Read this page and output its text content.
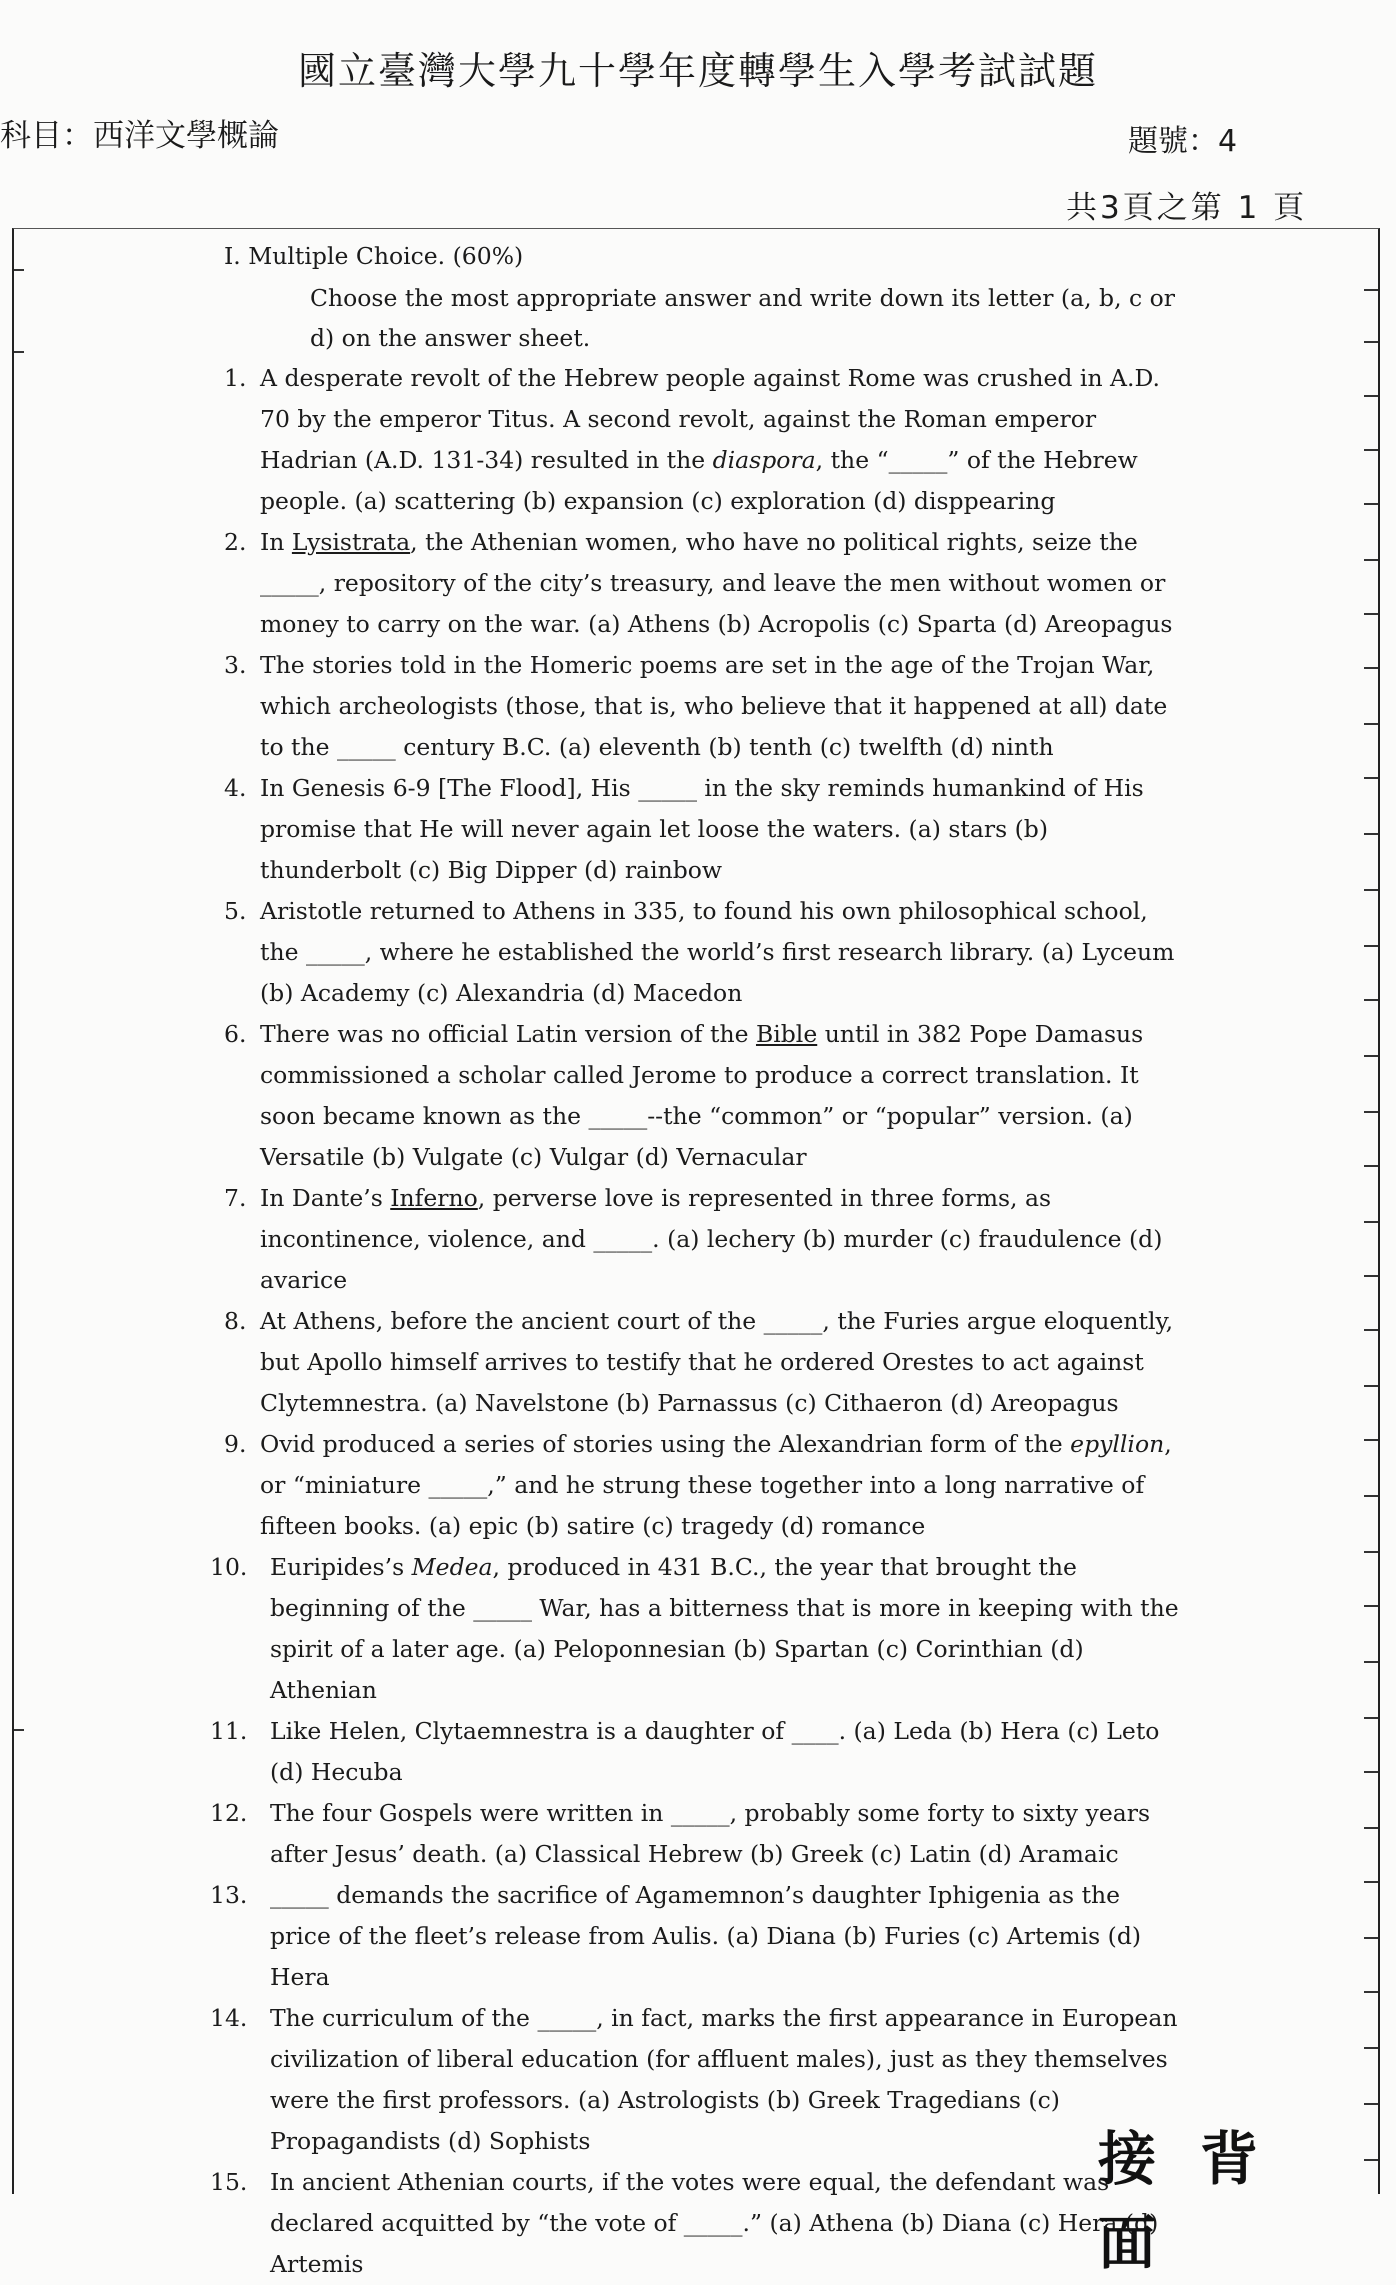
國立臺灣大學九十學年度轉學生入學考試試題
科目：西洋文學概論	題號：4
共3頁之第 1 頁
I. Multiple Choice. (60%)
Choose the most appropriate answer and write down its letter (a, b, c or d) on the answer sheet.
1. A desperate revolt of the Hebrew people against Rome was crushed in A.D. 70 by the emperor Titus. A second revolt, against the Roman emperor Hadrian (A.D. 131-34) resulted in the diaspora, the “_____” of the Hebrew people. (a) scattering (b) expansion (c) exploration (d) disppearing
2. In Lysistrata, the Athenian women, who have no political rights, seize the _____, repository of the city’s treasury, and leave the men without women or money to carry on the war. (a) Athens (b) Acropolis (c) Sparta (d) Areopagus
3. The stories told in the Homeric poems are set in the age of the Trojan War, which archeologists (those, that is, who believe that it happened at all) date to the _____ century B.C. (a) eleventh (b) tenth (c) twelfth (d) ninth
4. In Genesis 6-9 [The Flood], His _____ in the sky reminds humankind of His promise that He will never again let loose the waters. (a) stars (b) thunderbolt (c) Big Dipper (d) rainbow
5. Aristotle returned to Athens in 335, to found his own philosophical school, the _____, where he established the world’s first research library. (a) Lyceum (b) Academy (c) Alexandria (d) Macedon
6. There was no official Latin version of the Bible until in 382 Pope Damasus commissioned a scholar called Jerome to produce a correct translation. It soon became known as the _____--the “common” or “popular” version. (a) Versatile (b) Vulgate (c) Vulgar (d) Vernacular
7. In Dante’s Inferno, perverse love is represented in three forms, as incontinence, violence, and _____. (a) lechery (b) murder (c) fraudulence (d) avarice
8. At Athens, before the ancient court of the _____, the Furies argue eloquently, but Apollo himself arrives to testify that he ordered Orestes to act against Clytemnestra. (a) Navelstone (b) Parnassus (c) Cithaeron (d) Areopagus
9. Ovid produced a series of stories using the Alexandrian form of the epyllion, or “miniature _____,” and he strung these together into a long narrative of fifteen books. (a) epic (b) satire (c) tragedy (d) romance
10. Euripides’s Medea, produced in 431 B.C., the year that brought the beginning of the _____ War, has a bitterness that is more in keeping with the spirit of a later age. (a) Peloponnesian (b) Spartan (c) Corinthian (d) Athenian
11. Like Helen, Clytaemnestra is a daughter of ____. (a) Leda (b) Hera (c) Leto (d) Hecuba
12. The four Gospels were written in _____, probably some forty to sixty years after Jesus’ death. (a) Classical Hebrew (b) Greek (c) Latin (d) Aramaic
13. _____ demands the sacrifice of Agamemnon’s daughter Iphigenia as the price of the fleet’s release from Aulis. (a) Diana (b) Furies (c) Artemis (d) Hera
14. The curriculum of the _____, in fact, marks the first appearance in European civilization of liberal education (for affluent males), just as they themselves were the first professors. (a) Astrologists (b) Greek Tragedians (c) Propagandists (d) Sophists
15. In ancient Athenian courts, if the votes were equal, the defendant was declared acquitted by “the vote of _____.” (a) Athena (b) Diana (c) Hera (d) Artemis
接背面
